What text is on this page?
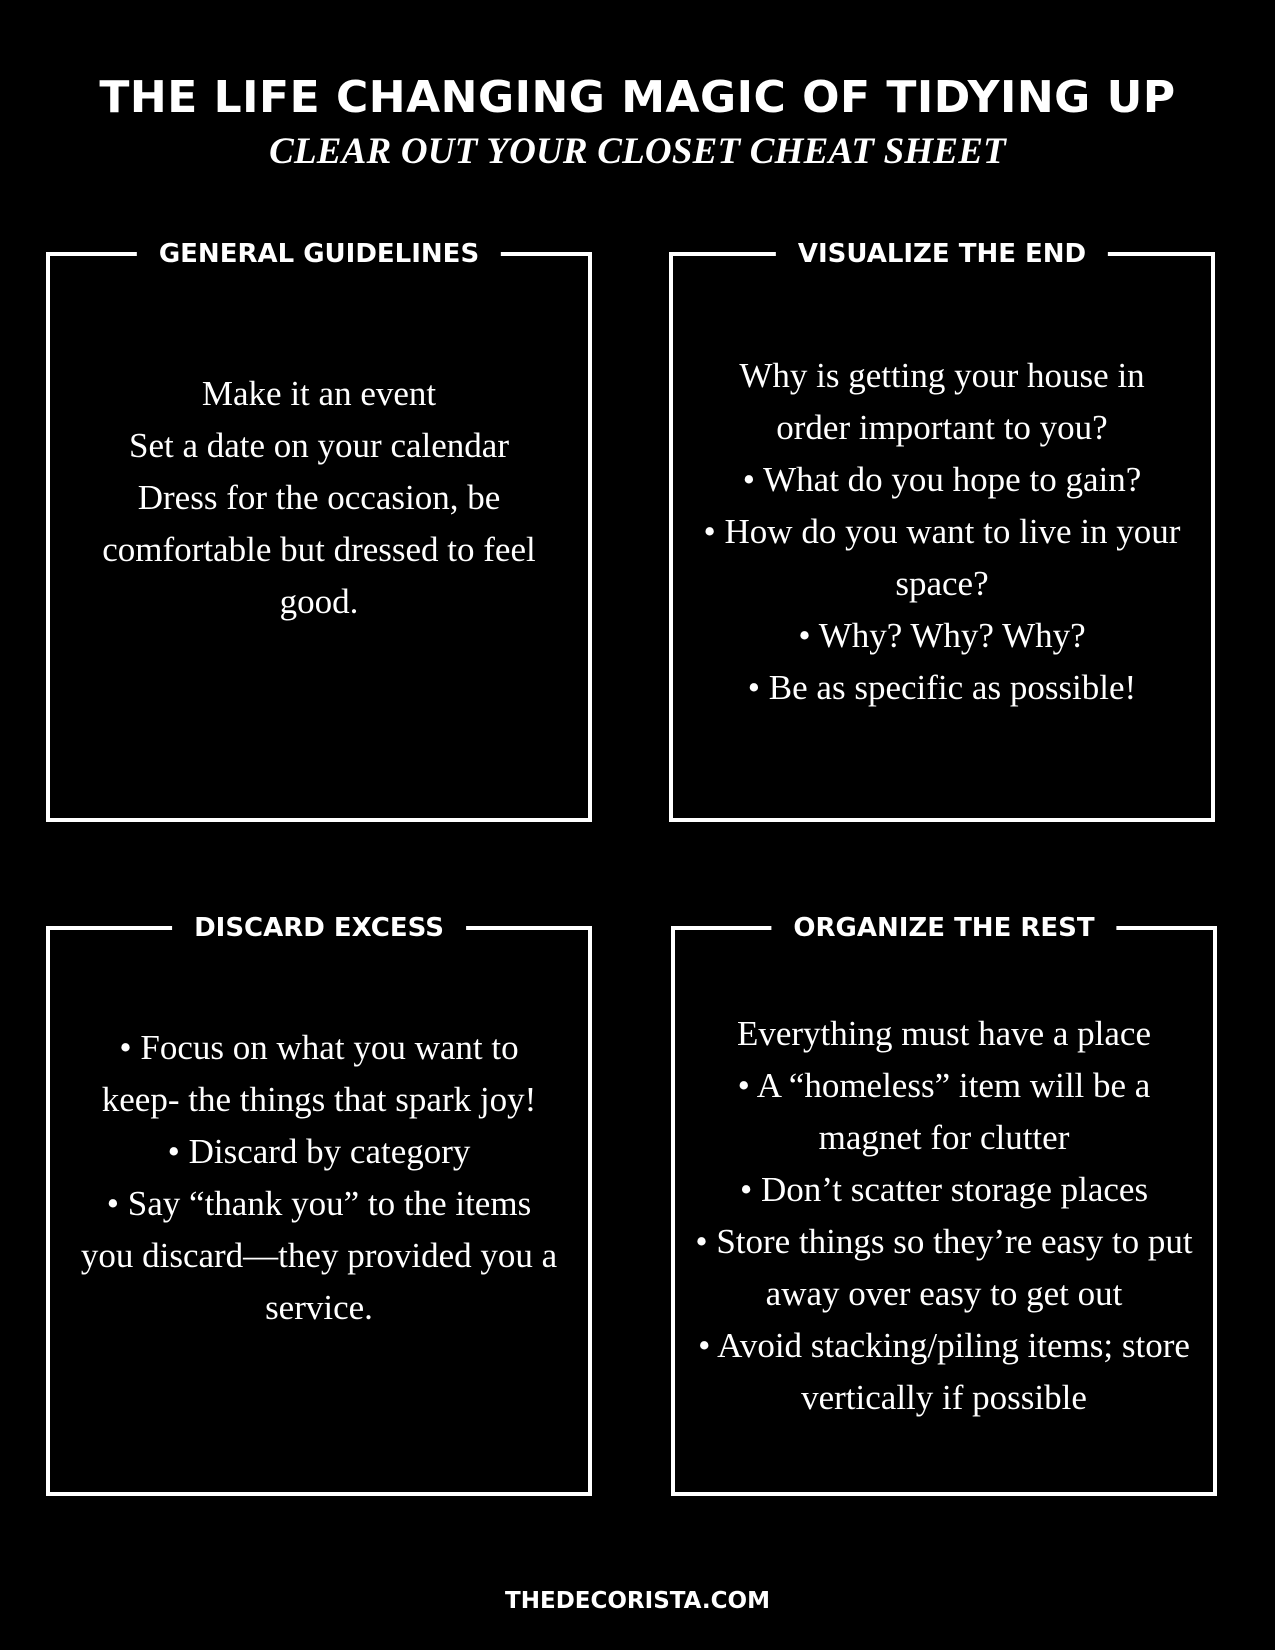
THE LIFE CHANGING MAGIC OF TIDYING UP
CLEAR OUT YOUR CLOSET CHEAT SHEET
GENERAL GUIDELINES
Make it an event
Set a date on your calendar
Dress for the occasion, be comfortable but dressed to feel good.
VISUALIZE THE END
Why is getting your house in order important to you?
• What do you hope to gain?
• How do you want to live in your space?
• Why? Why? Why?
• Be as specific as possible!
DISCARD EXCESS
• Focus on what you want to keep- the things that spark joy!
• Discard by category
• Say “thank you” to the items you discard—they provided you a service.
ORGANIZE THE REST
Everything must have a place
• A “homeless” item will be a magnet for clutter
• Don’t scatter storage places
• Store things so they’re easy to put away over easy to get out
• Avoid stacking/piling items; store vertically if possible

THEDECORISTA.COM
